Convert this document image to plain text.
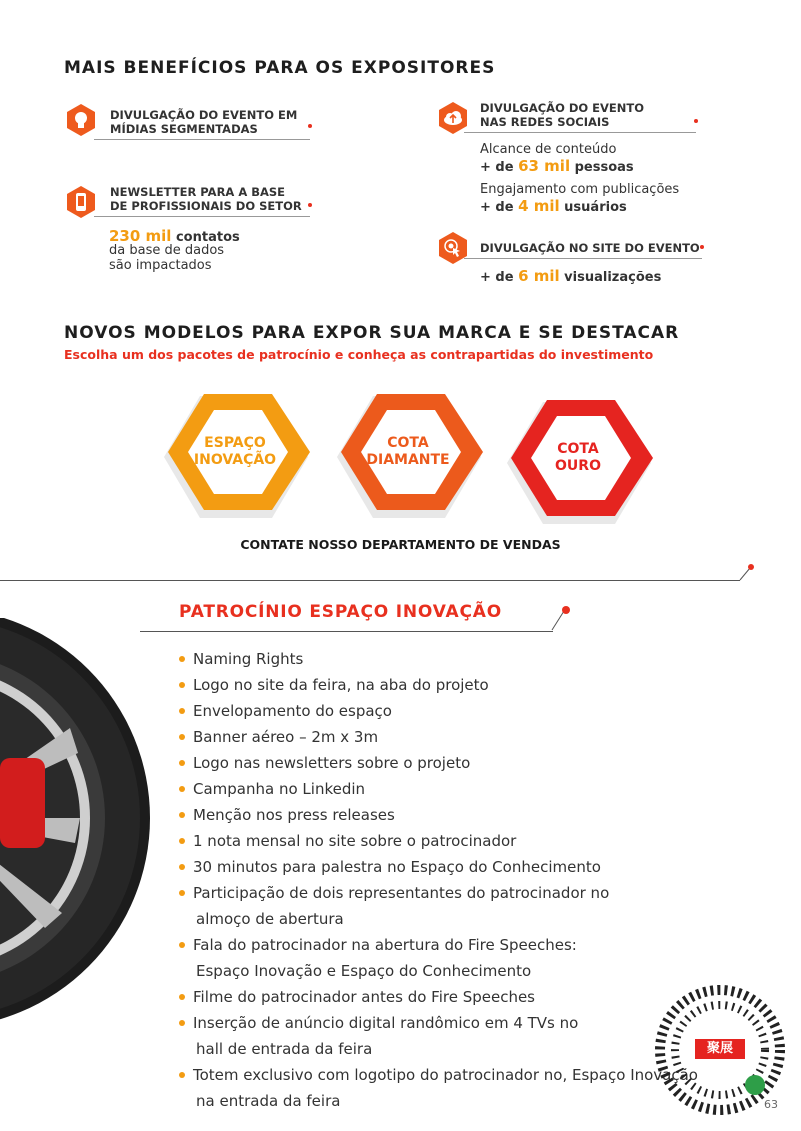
MAIS BENEFÍCIOS PARA OS EXPOSITORES
DIVULGAÇÃO DO EVENTO EM
MÍDIAS SEGMENTADAS
NEWSLETTER PARA A BASE
DE PROFISSIONAIS DO SETOR
230 mil contatos
da base de dados
são impactados
DIVULGAÇÃO DO EVENTO
NAS REDES SOCIAIS
Alcance de conteúdo
+ de 63 mil pessoas
Engajamento com publicações
+ de 4 mil usuários
DIVULGAÇÃO NO SITE DO EVENTO
+ de 6 mil visualizações
NOVOS MODELOS PARA EXPOR SUA MARCA E SE DESTACAR
Escolha um dos pacotes de patrocínio e conheça as contrapartidas do investimento
ESPAÇO
INOVAÇÃO
COTA
DIAMANTE
COTA
OURO
CONTATE NOSSO DEPARTAMENTO DE VENDAS
PATROCÍNIO ESPAÇO INOVAÇÃO
Naming Rights
Logo no site da feira, na aba do projeto
Envelopamento do espaço
Banner aéreo – 2m x 3m
Logo nas newsletters sobre o projeto
Campanha no Linkedin
Menção nos press releases
1 nota mensal no site sobre o patrocinador
30 minutos para palestra no Espaço do Conhecimento
Participação de dois representantes do patrocinador no
almoço de abertura
Fala do patrocinador na abertura do Fire Speeches:
Espaço Inovação e Espaço do Conhecimento
Filme do patrocinador antes do Fire Speeches
Inserção de anúncio digital randômico em 4 TVs no
hall de entrada da feira
Totem exclusivo com logotipo do patrocinador no, Espaço Inovação
na entrada da feira
聚展
63
